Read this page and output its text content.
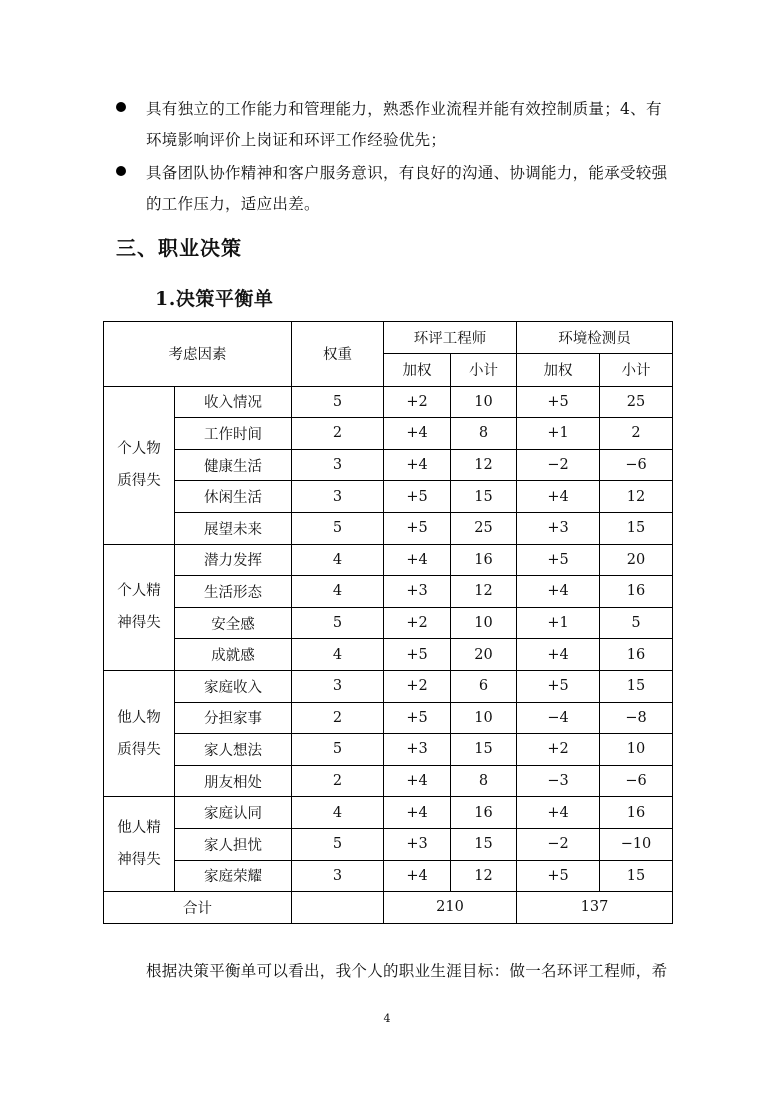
具有独立的工作能力和管理能力，熟悉作业流程并能有效控制质量；4、有
环境影响评价上岗证和环评工作经验优先；
具备团队协作精神和客户服务意识，有良好的沟通、协调能力，能承受较强
的工作压力，适应出差。
三、职业决策
1.决策平衡单
考虑因素		权重	环评工程师		环境检测员	
			加权	小计	加权	小计

个人物
质得失	收入情况	5	+2	10	+5	25
	工作时间	2	+4	8	+1	2
	健康生活	3	+4	12	−2	−6
	休闲生活	3	+5	15	+4	12
	展望未来	5	+5	25	+3	15

个人精
神得失	潜力发挥	4	+4	16	+5	20
	生活形态	4	+3	12	+4	16
	安全感	5	+2	10	+1	5
	成就感	4	+5	20	+4	16

他人物
质得失	家庭收入	3	+2	6	+5	15
	分担家事	2	+5	10	−4	−8
	家人想法	5	+3	15	+2	10
	朋友相处	2	+4	8	−3	−6

他人精
神得失	家庭认同	4	+4	16	+4	16
	家人担忧	5	+3	15	−2	−10
	家庭荣耀	3	+4	12	+5	15
合计			210		137	
根据决策平衡单可以看出，我个人的职业生涯目标：做一名环评工程师，希
4
